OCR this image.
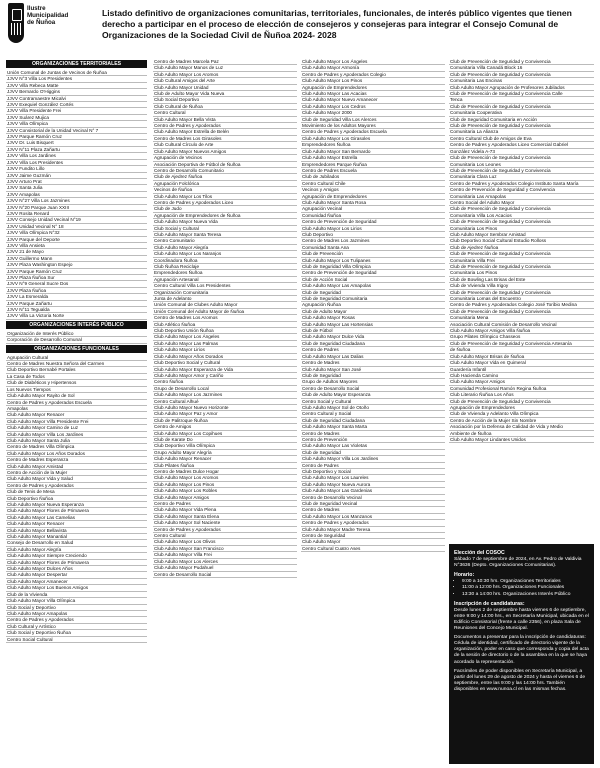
Ilustre
Municipalidad
de Ñuñoa
Listado definitivo de organizaciones comunitarias, territoriales, funcionales, de interés público vigentes que tienen derecho a participar en el proceso de elección de consejeros y consejeras para integrar el Consejo Comunal de Organizaciones de la Sociedad Civil de Ñuñoa 2024- 2028
ORGANIZACIONES TERRITORIALES
Unión Comunal de Juntas de Vecinos de Ñuñoa
JJVV N°3 Villa Los Presidentes
JJVV Villa Rebeca Matte
JJVV Bernardo O'Higgins
JJVV Contramaestre Micalvi
JJVV Exequiel González Cortés
JJVV Villa Presidente Frei
JJVV Suárez Mujica
JJVV Villa Olímpica
JJVV Consistorial de la Unidad Vecinal N° 7
JJVV Parque Ramón Cruz
JJVV Dr. Luis Bisquert
JJVV N°11 Plaza Zañartu
JJVV Villa Los Jardines
JJVV Villa Los Presidentes
JJVV Fundito Lillo
JJVV Jaime Guzmán
JJVV Arturo Prat
JJVV Santa Julia
JJVV Amapolas
JJVV N°27 Villa Los Jazmines
JJVV N°20 Parque Juan XXIII
JJVV Rosita Renard
JJVV Consejo Unidad Vecinal N°19
JJVV Unidad Vecinal N° 18
JJVV Villa Olímpica N°32
JJVV Parque del Deporte
JJVV Villa Ansieta
JJVV 21 de Mayo
JJVV Guillermo Mann
JJVV Plaza Washington Espejo
JJVV Parque Ramón Cruz
JJVV Plaza Ñuñoa Sur
JJVV N°9 General Sucre Dos
JJVV Plaza Ñuñoa
JJVV La Esmeralda
JJVV Parque Zañartu
JJVV N°11 Tegualda
JJVV Villa La Victoria Norte
ORGANIZACIONES INTERÉS PÚBLICO
Organización de Interés Público
Corporación de Desarrollo Comunal
ORGANIZACIONES FUNCIONALES
Agrupación Cultural
Centro de Madres Nuestra Señora del Carmen
Club Deportivo Bernabé Portales
La Casa de Todos
Club de Diabéticos y Hipertensos
Los Nuevos Tiempos
Club Adulto Mayor Rayito de Sol
Centro de Padres y Apoderados Escuela
Amapolas
Club Adulto Mayor Renacer
Club Adulto Mayor Villa Presidente Frei
Club Adulto Mayor Camino de Luz
Club Adulto Mayor Villa Los Jardines
Club Adulto Mayor Santa Julia
Centro de Madres Villa Olímpica
Club Adulto Mayor Los Años Dorados
Centro de Madres Esperanza
Club Adulto Mayor Amistad
Centro de Acción de la Mujer
Club Adulto Mayor Vida y Salud
Centro de Padres y Apoderados
Club de Tenis de Mesa
Club Deportivo Ñuñoa
Club Adulto Mayor Nueva Esperanza
Club Adulto Mayor Flores de Primavera
Club Adulto Mayor Las Camelias
Club Adulto Mayor Renacer
Club Adulto Mayor Bellavista
Club Adulto Mayor Manantial
Consejo de Desarrollo en Salud
Club Adulto Mayor Alegría
Club Adulto Mayor Siempre Creciendo
Club Adulto Mayor Flores de Primavera
Club Adulto Mayor Dulces Años
Club Adulto Mayor Despertar
Club Adulto Mayor Amanecer
Club Adulto Mayor Los Buenos Amigos
Club de la Vivienda
Club Adulto Mayor Villa Olímpica
Club Social y Deportivo
Club Adulto Mayor Amapolas
Centro de Padres y Apoderados
Club Cultural y Artístico
Club Social y Deportivo Ñuñoa
Centro Social Cultural
Centro de Madres Marcela Paz
Club Adulto Mayor Manos de Luz
Club Adulto Mayor Los Aromos
Club Cultural Amigos del Arte
Club Adulto Mayor Unidad
Club de Adulto Mayor Vida Nueva
Club Social Deportivo
Club Cultural de Ñuñoa
Centro Cultural
Club Adulto Mayor Bella Vista
Centro de Padres y Apoderados
Club Adulto Mayor Estrella de Belén
Centro de Madres Los Girasoles
Club Cultural Círculo de Arte
Club Adulto Mayor Nuevos Amigos
Agrupación de Vecinos
Asociación Deportiva de Fútbol de Ñuñoa
Centro de Desarrollo Comunitario
Club de Ajedrez Ñuñoa
Agrupación Folclórica
Vecinos de Ñuñoa
Club Adulto Mayor Los Tilos
Centro de Padres y Apoderados Liceo
Club de Judo
Agrupación de Emprendedores de Ñuñoa
Club Adulto Mayor Nueva Vida
Club Social y Cultural
Club Adulto Mayor Santa Teresa
Centro Comunitario
Club Adulto Mayor Alegría
Club Adulto Mayor Los Naranjos
Coordinadora Ñuñoa
Club Ñuñoa Reciclaje
Emprendedores Ñuñoa
Agrupación Artesanal
Centro Cultural Villa Los Presidentes
Organización Comunitaria
Junta de Adelanto
Unión Comunal de Clubes Adulto Mayor
Unión Comunal del Adulto Mayor de Ñuñoa
Centro de Madres Los Aromos
Club Atlético Ñuñoa
Club Deportivo Unión Ñuñoa
Club Adulto Mayor Los Ángeles
Club Adulto Mayor Las Palmas
Club Adulto Mayor Lirios
Club Adulto Mayor Años Dorados
Club Deportivo Social y Cultural
Club Adulto Mayor Esperanza de Vida
Club Adulto Mayor Amor y Cariño
Centro Ñuñoa
Grupo de Desarrollo Local
Club Adulto Mayor Los Jazmines
Centro Cultural Alhué
Club Adulto Mayor Nuevo Horizonte
Club Adulto Mayor Paz y Amor
Club de Palitroque Ñuñoa
Centro de Amigos
Club Adulto Mayor Los Copihues
Club de Karate Do
Club Deportivo Villa Olímpica
Grupo Adulto Mayor Alegría
Club Adulto Mayor Renacer
Club Pilates Ñuñoa
Centro de Madres Dulce Hogar
Club Adulto Mayor Los Aromos
Club Adulto Mayor Los Pinos
Club Adulto Mayor Los Robles
Club Adulto Mayor Amigos
Centro de Padres
Club Adulto Mayor Vida Plena
Club Adulto Mayor Santa Elena
Club Adulto Mayor Sol Naciente
Centro de Padres y Apoderados
Centro Cultural
Club Adulto Mayor Los Olivos
Club Adulto Mayor San Francisco
Club Adulto Mayor Villa Frei
Club Adulto Mayor Los Alerces
Club Adulto Mayor Pudahuel
Centro de Desarrollo Social
Club Adulto Mayor Los Ángeles
Club Adulto Mayor Armonía
Centro de Padres y Apoderados Colegio
Club Adulto Mayor Los Pinos
Agrupación de Emprendedores
Club Adulto Mayor Las Acacias
Club Adulto Mayor Nuevo Amanecer
Club Adulto Mayor Los Cedros
Club Adulto Mayor 2000
Club de Seguridad Villa Los Alerces
Movimiento de los Adultos Mayores
Centro de Padres y Apoderados Escuela
Club Adulto Mayor Los Girasoles
Emprendedores Ñuñoa
Club Adulto Mayor San Bernardo
Club Adulto Mayor Estrella
Emprendedores Parque Ñuñoa
Centro de Padres Escuela
Club de Jubilados
Centro Cultural Chile
Vecinos y Amigos
Agrupación de Emprendedores
Club Adulto Mayor Santa Rosa
Agrupación Vecinal
Comunidad Ñuñoa
Centro de Prevención de Seguridad
Club Adulto Mayor Los Lirios
Club Deportivo
Centro de Madres Los Jazmines
Comunidad Santa Ana
Club de Prevención
Club Adulto Mayor Los Tulipanes
Club de Seguridad Villa Olímpica
Centro de Prevención de Seguridad
Club de Acción Social
Club Adulto Mayor Las Amapolas
Club de Seguridad
Club de Seguridad Comunitaria
Agrupación Ñuñoa
Club de Adulto Mayor
Club Adulto Mayor Rosas
Club Adulto Mayor Las Hortensias
Club de Fútbol
Club Adulto Mayor Dulce Vida
Club de Seguridad Ciudadana
Centro de Padres
Club Adulto Mayor Las Dalias
Centro de Madres
Club Adulto Mayor San José
Club de Seguridad
Grupo de Adultos Mayores
Centro de Desarrollo Social
Club de Adulto Mayor Esperanza
Centro Social y Cultural
Club Adulto Mayor Sol de Otoño
Centro Cultural y Social
Club de Seguridad Ciudadana
Club Adulto Mayor Santa Marta
Centro de Madres
Centro de Prevención
Club Adulto Mayor Las Violetas
Club de Seguridad
Club Adulto Mayor Villa Los Jardines
Centro de Padres
Club Deportivo y Social
Club Adulto Mayor Los Laureles
Club Adulto Mayor Nueva Aurora
Club Adulto Mayor Las Gardenias
Centro de Desarrollo Vecinal
Club de Seguridad Vecinal
Centro de Madres
Club Adulto Mayor Los Manzanos
Centro de Padres y Apoderados
Club Adulto Mayor Madre Teresa
Centro de Seguridad
Club Adulto Mayor
Centro Cultural Cuatro Ases
Club de Prevención de Seguridad y Convivencia
Comunitaria Villa Canadá Block 16
Club de Prevención de Seguridad y Convivencia
Comunitaria Las Encinas
Club Adulto Mayor Agrupación de Profesores Jubilados
Club de Prevención de Seguridad y Convivencia Calle
Tenca
Club de Prevención de Seguridad y Convivencia
Comunitaria Cooperativa
Club de Seguridad Comunitaria en Acción
Club de Prevención de Seguridad y Convivencia
Comunitaria La Alianza
Centro Cultural Club de Amigos de Eva
Centro de Padres y Apoderados Liceo Comercial Gabriel
González Videla A-73
Club de Prevención de Seguridad y Convivencia
Comunitaria Los Leones
Club de Prevención de Seguridad y Convivencia
Comunitaria Clara Luz
Centro de Padres y Apoderados Colegio Instituto Santa María
Centro de Prevención de Seguridad y Convivencia
Comunitaria Las Amapolas
Centro Social del Adulto Mayor
Club de Prevención de Seguridad y Convivencia
Comunitaria Villa Los Acacios
Club de Prevención de Seguridad y Convivencia
Comunitaria Los Pinos
Club Adulto Mayor Sembrar Amistad
Club Deportivo Social Cultural Estudio Rolloss
Club de Ajedrez Ñuñoa
Club de Prevención de Seguridad y Convivencia
Comunitaria Villa Frei
Club de Prevención de Seguridad y Convivencia
Comunitaria Los Pinos
Club de Bowling Las Brisas del Este
Club de Vivienda Villa Irigoy
Club de Prevención de Seguridad y Convivencia
Comunitaria Lomas del Encuentro
Centro de Padres y Apoderados Colegio José Toribio Medina
Club de Prevención de Seguridad y Convivencia
Comunitaria Mena
Asociación Cultural Comisión de Desarrollo Vecinal
Club Adulto Mayor Amigos Villa Ñuñoa
Grupo Pilates Olímpico Chasseos
Club de Prevención de Seguridad y Convivencia Artesanía
de Ñuñoa
Club Adulto Mayor Brisas de Ñuñoa
Club Adulto Mayor Vida en Quimeral
Guardería Infantil
Club Hacienda Camino
Club Adulto Mayor Amigos
Comunidad Profesional Ramón Regina Ñuñoa
Club Literario Ñuñoa Los Años
Club de Prevención de Seguridad y Convivencia
Agrupación de Emprendedores
Club de Vivienda y Adelanto Villa Olímpica
Centro de Acción de la Mujer Sin Nombre
Asociación por la Defensa de Calidad de Vida y Medio
Ambiente de Ñuñoa
Club Adulto Mayor Lindantes Unidos
Elección del COSOC

Sábado 7 de septiembre de 2024, en Av. Pedro de Valdivia N°3636 (Depto. Organizaciones Comunitarias).

Horario:
• 9:00 a 10:30 hrs. Organizaciones Territoriales
• 11:00 a 12:00 hrs. Organizaciones Funcionales
• 13:30 a 14:00 hrs. Organizaciones Interés Público
Inscripción de candidaturas:

Desde lunes 2 de septiembre hasta viernes 6 de septiembre, entre 9:00 y 14:00 hrs., en Secretaría Municipal, ubicada en el Edificio Consistorial (frente a calle 2356), en plaza Sala de Reuniones del Concejo Municipal.

Documentos a presentar para la inscripción de candidaturas: Cédula de identidad, certificado de directorio vigente de la organización, poder en caso que corresponda y copia del acta de la sesión de directorio o de la asamblea en la que se haya acordado la representación.

Facsímiles de poder disponibles en Secretaría Municipal, a partir del lunes 29 de agosto de 2024 y hasta el viernes 6 de septiembre, entre las 9:00 y las 14:00 hrs. También disponibles en www.nunoa.cl en las mismas fechas.
